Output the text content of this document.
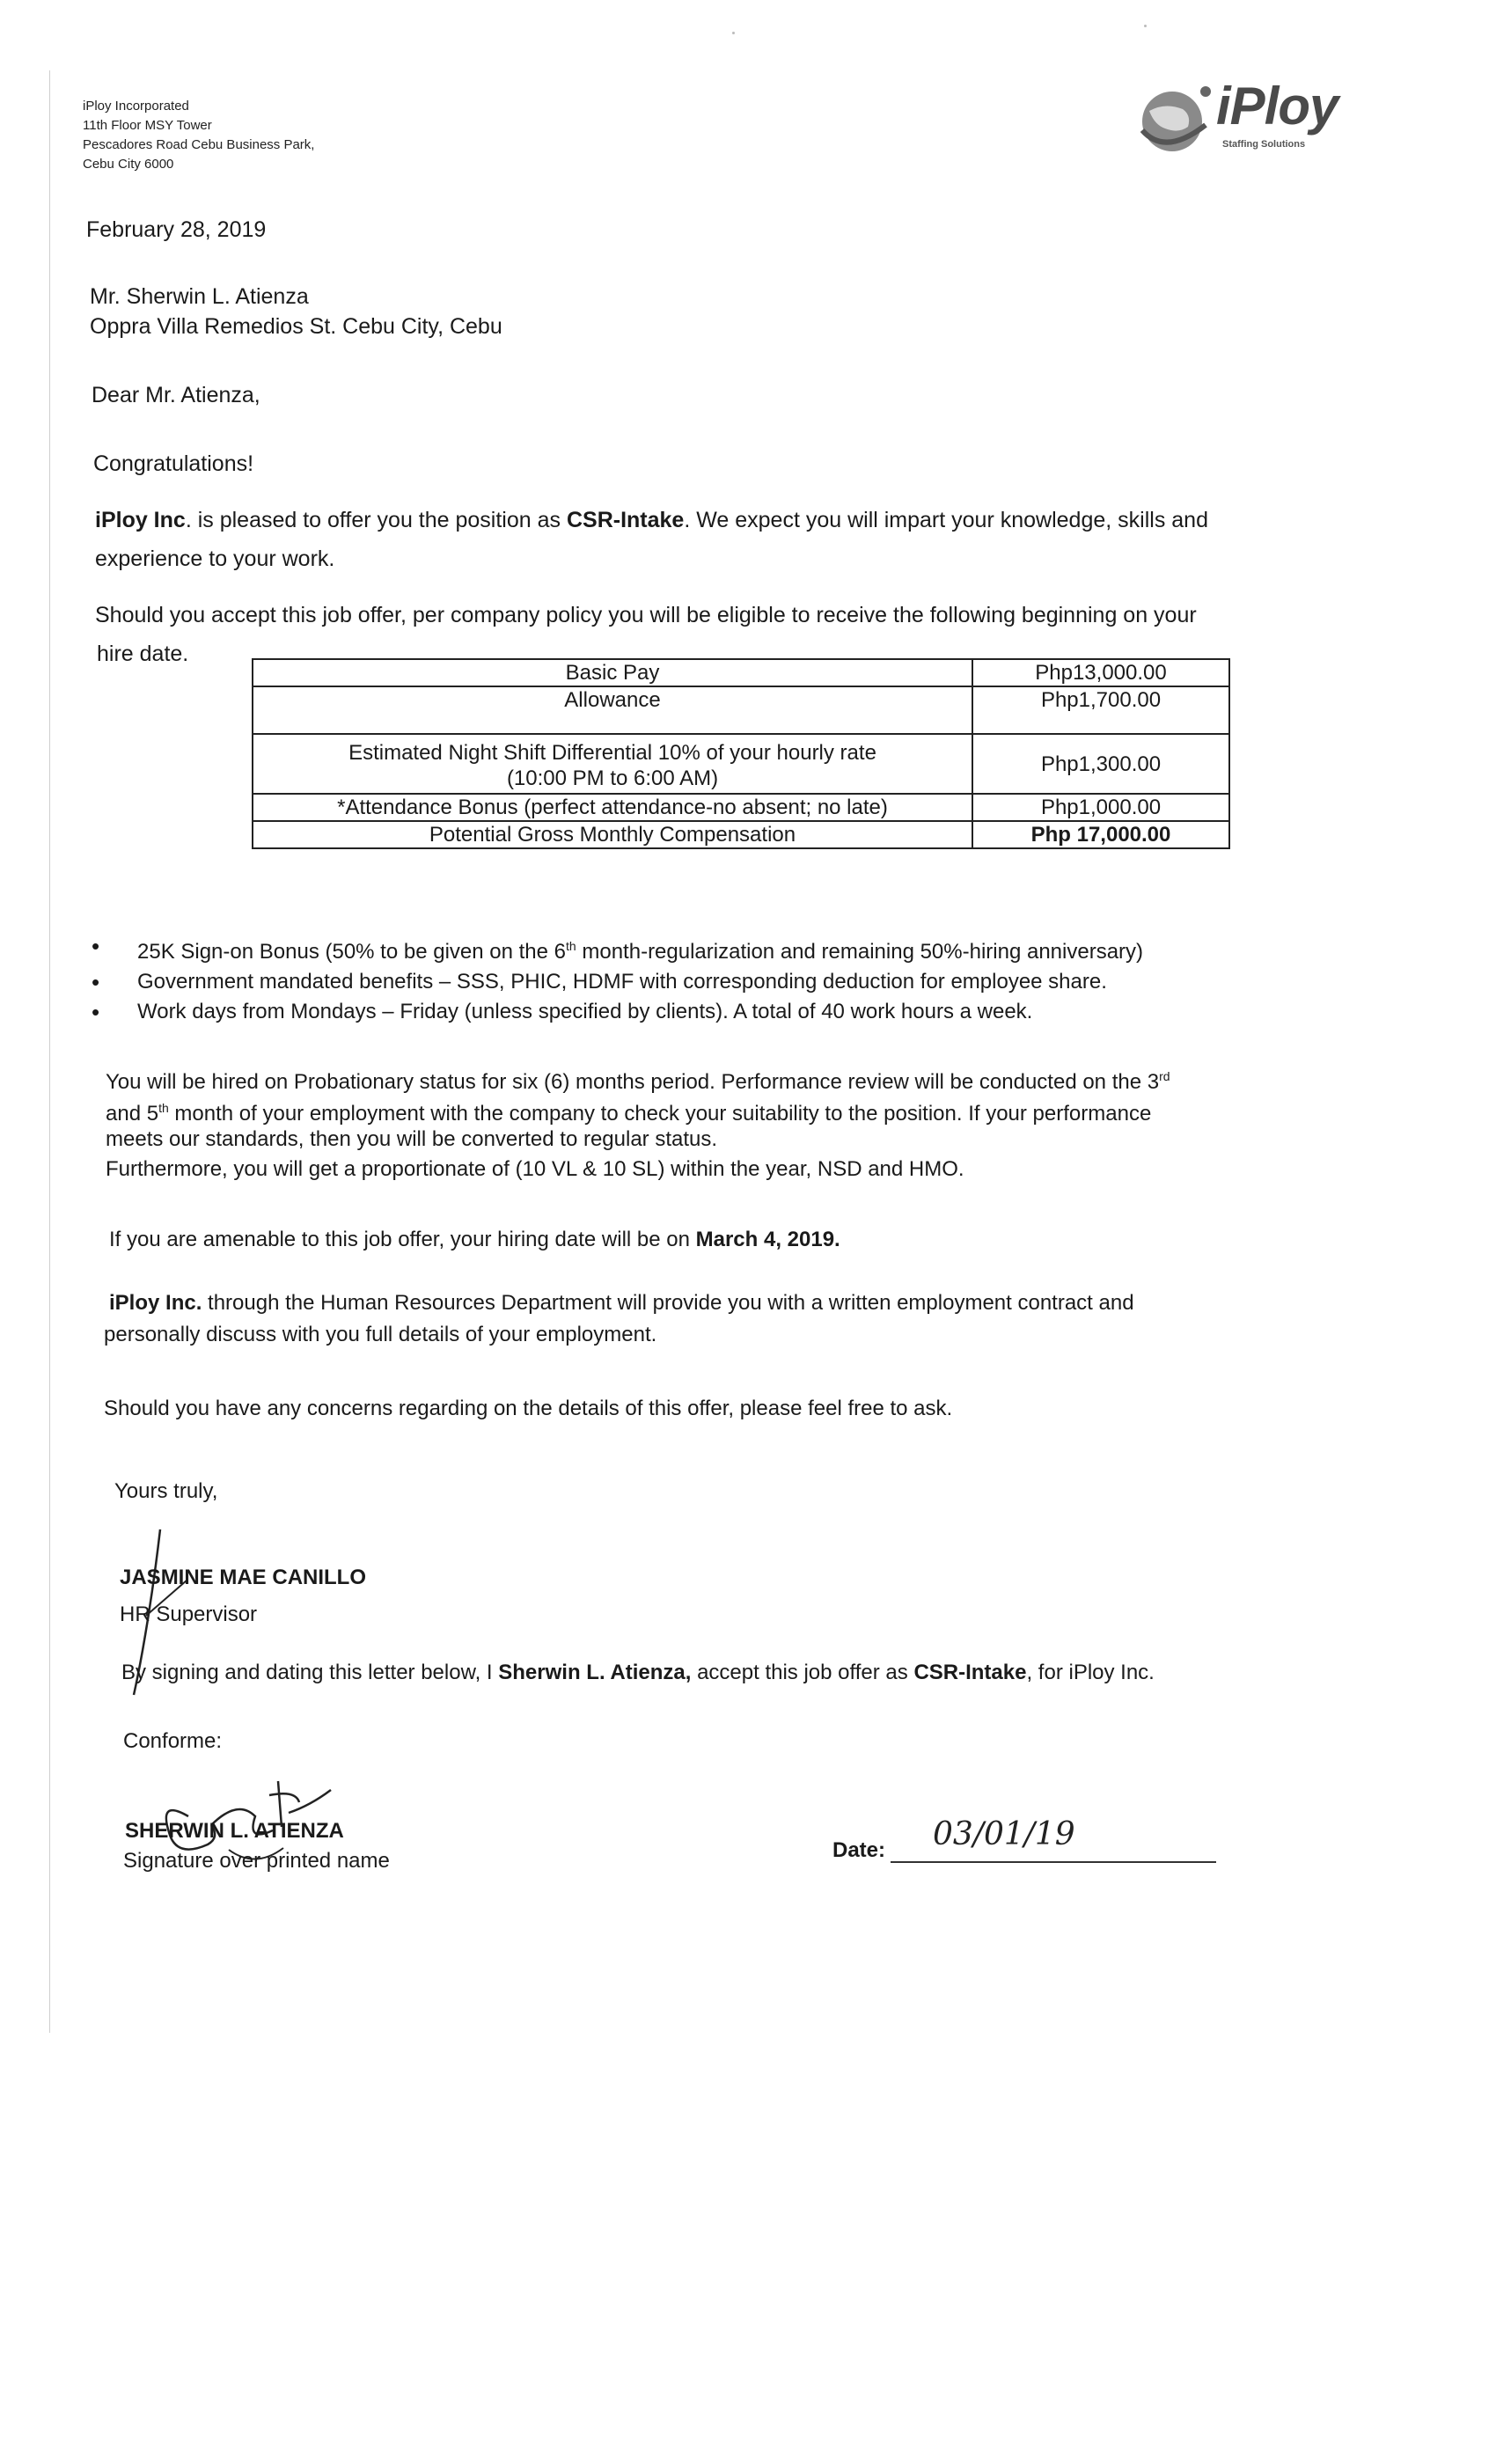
iPloy Incorporated
11th Floor MSY Tower
Pescadores Road Cebu Business Park,
Cebu City 6000
iPloy
Staffing Solutions
February 28, 2019
Mr. Sherwin L. Atienza
Oppra Villa Remedios St. Cebu City, Cebu
Dear Mr. Atienza,
Congratulations!
iPloy Inc. is pleased to offer you the position as CSR-Intake. We expect you will impart your knowledge, skills and
experience to your work.
Should you accept this job offer, per company policy you will be eligible to receive the following beginning on your
hire date.
Basic Pay	Php13,000.00
Allowance	Php1,700.00

Estimated Night Shift Differential 10% of your hourly rate
(10:00 PM to 6:00 AM)	Php1,300.00
*Attendance Bonus (perfect attendance-no absent; no late)	Php1,000.00
Potential Gross Monthly Compensation	Php 17,000.00
• 25K Sign-on Bonus (50% to be given on the 6th month-regularization and remaining 50%-hiring anniversary)
• Government mandated benefits – SSS, PHIC, HDMF with corresponding deduction for employee share.
• Work days from Mondays – Friday (unless specified by clients). A total of 40 work hours a week.
You will be hired on Probationary status for six (6) months period. Performance review will be conducted on the 3rd
and 5th month of your employment with the company to check your suitability to the position. If your performance
meets our standards, then you will be converted to regular status.
Furthermore, you will get a proportionate of (10 VL & 10 SL) within the year, NSD and HMO.
If you are amenable to this job offer, your hiring date will be on March 4, 2019.
iPloy Inc. through the Human Resources Department will provide you with a written employment contract and
personally discuss with you full details of your employment.
Should you have any concerns regarding on the details of this offer, please feel free to ask.
Yours truly,
JASMINE MAE CANILLO
HR Supervisor
By signing and dating this letter below, I Sherwin L. Atienza, accept this job offer as CSR-Intake, for iPloy Inc.
Conforme:
SHERWIN L. ATIENZA
Signature over printed name	Date: 03/01/19
